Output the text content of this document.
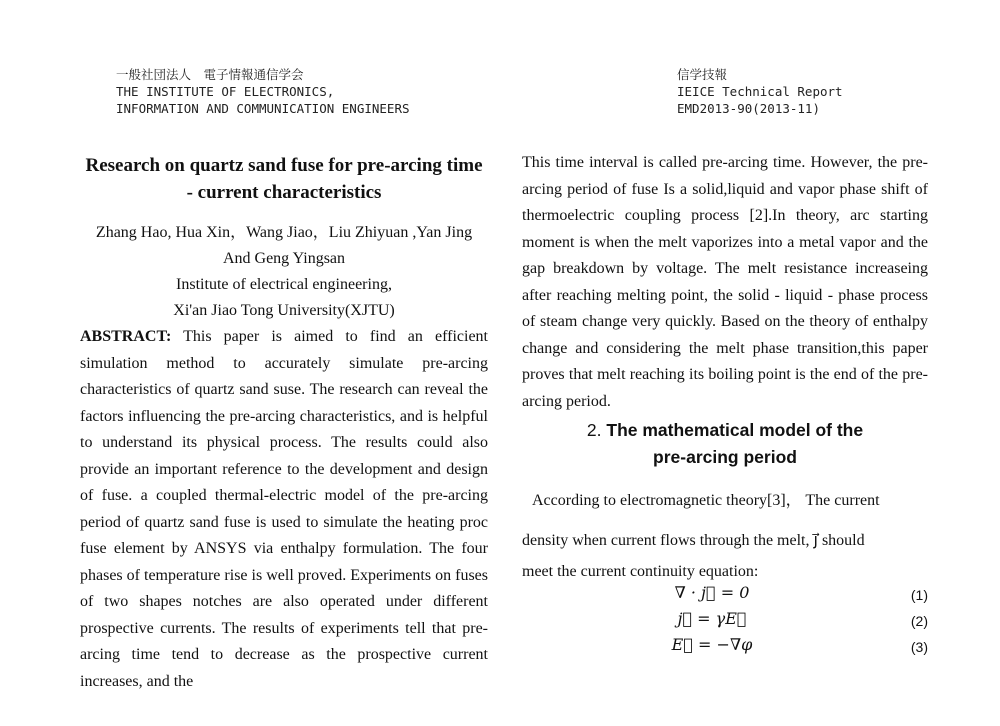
一般社団法人　電子情報通信学会
THE INSTITUTE OF ELECTRONICS,
INFORMATION AND COMMUNICATION ENGINEERS
信学技報
IEICE Technical Report
EMD2013-90(2013-11)
Research on quartz sand fuse for pre-arcing time - current characteristics
Zhang Hao, Hua Xin，Wang Jiao，Liu Zhiyuan ,Yan Jing
And Geng Yingsan
Institute of electrical engineering,
Xi'an Jiao Tong University(XJTU)
ABSTRACT: This paper is aimed to find an efficient simulation method to accurately simulate pre-arcing characteristics of quartz sand suse. The research can reveal the factors influencing the pre-arcing characteristics, and is helpful to understand its physical process. The results could also provide an important reference to the development and design of fuse. a coupled thermal-electric model of the pre-arcing period of quartz sand fuse is used to simulate the heating proc fuse element by ANSYS via enthalpy formulation. The four phases of temperature rise is well proved. Experiments on fuses of two shapes notches are also operated under different prospective currents. The results of experiments tell that pre-arcing time tend to decrease as the prospective current increases, and the
This time interval is called pre-arcing time. However, the pre-arcing period of fuse Is a solid,liquid and vapor phase shift of thermoelectric coupling process [2].In theory, arc starting moment is when the melt vaporizes into a metal vapor and the gap breakdown by voltage. The melt resistance increaseing after reaching melting point, the solid - liquid - phase process of steam change very quickly. Based on the theory of enthalpy change and considering the melt phase transition,this paper proves that melt reaching its boiling point is the end of the pre-arcing period.
2. The mathematical model of the
pre-arcing period
According to electromagnetic theory[3]， The current
density when current flows through the melt, j⃗ should
meet the current continuity equation:
∇ · j⃗ = 0	(1)
j⃗ = γE⃗	(2)
E⃗ = −∇φ	(3)
